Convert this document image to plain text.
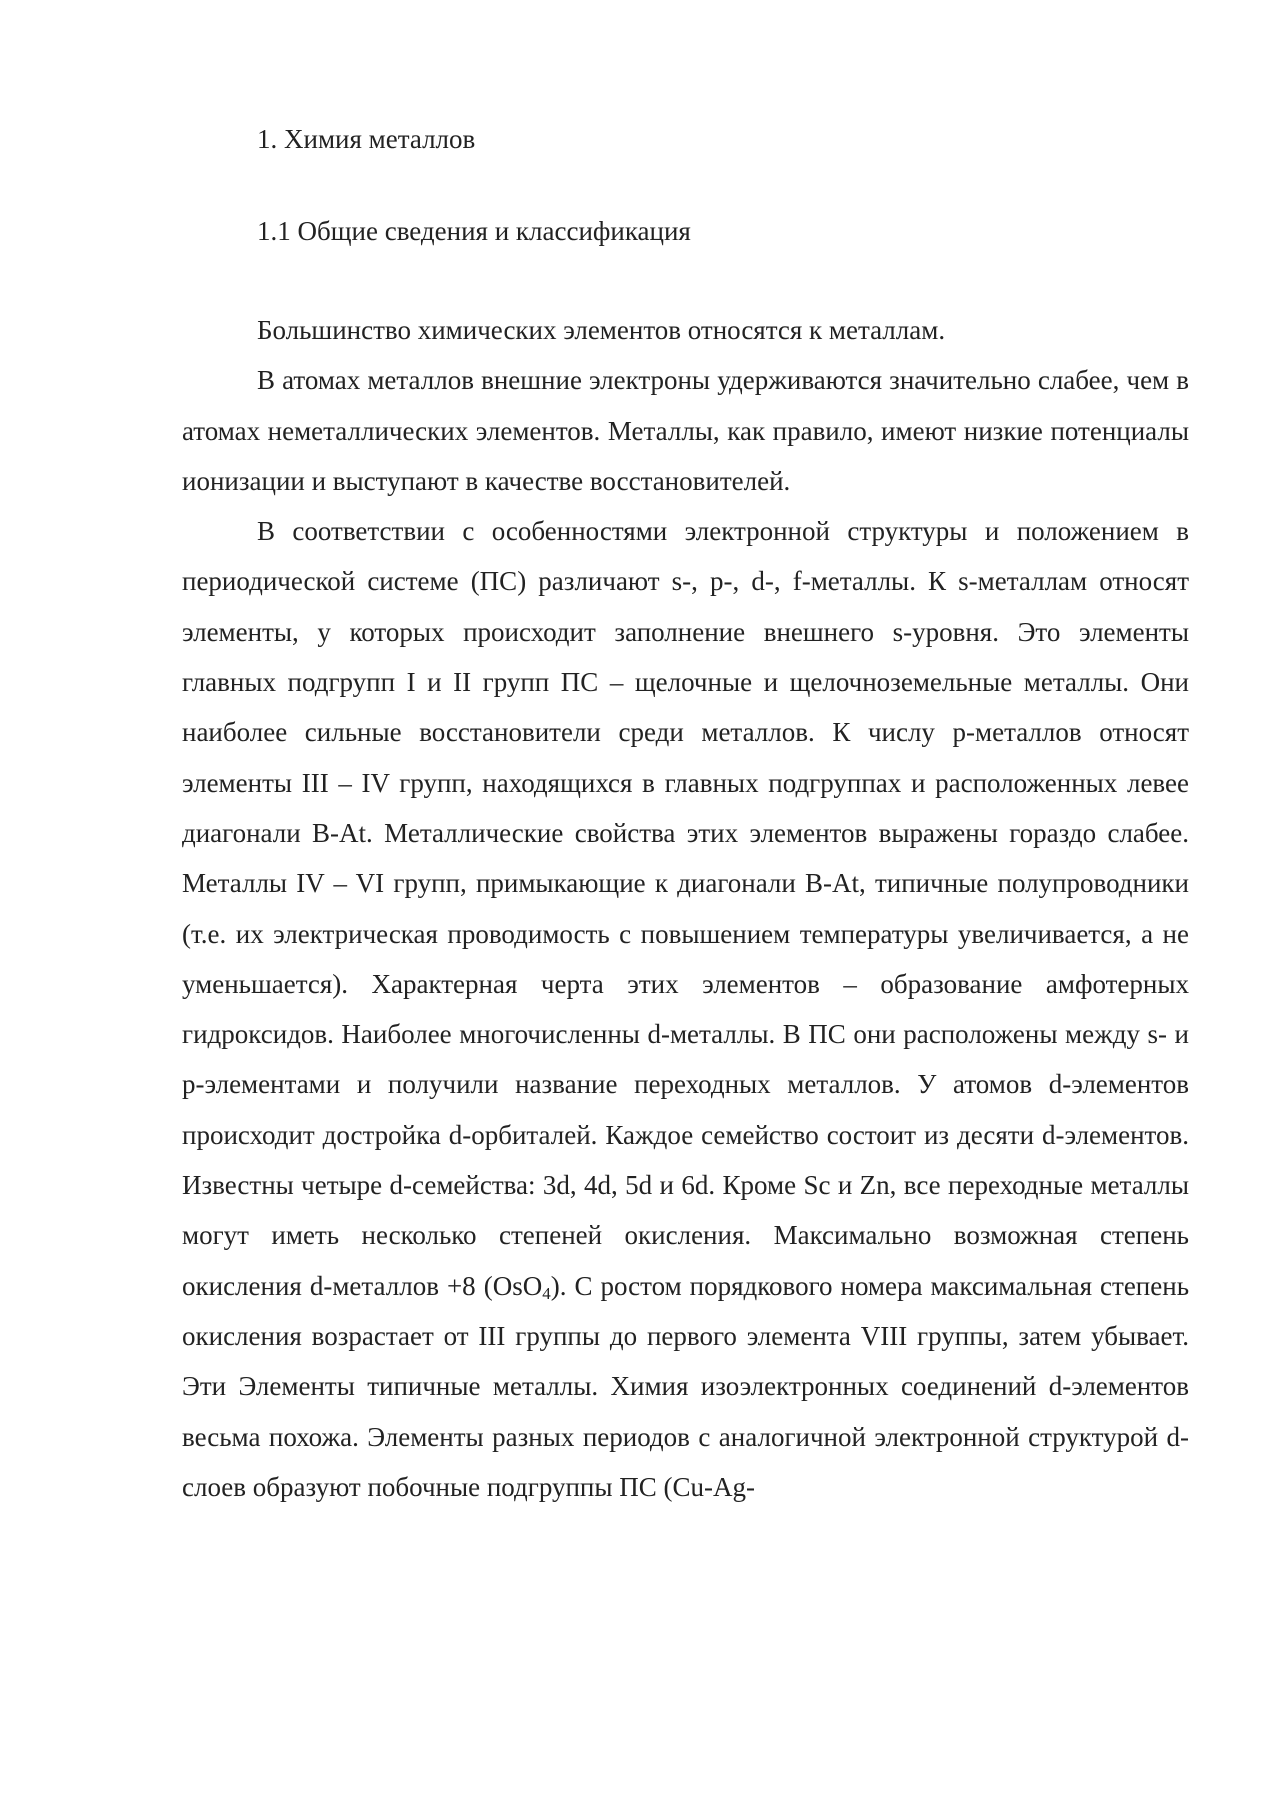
1. Химия металлов
1.1 Общие сведения и классификация

Большинство химических элементов относятся к металлам.

В атомах металлов внешние электроны удерживаются значительно слабее, чем в атомах неметаллических элементов. Металлы, как правило, имеют низкие потенциалы ионизации и выступают в качестве восстановителей.

В соответствии с особенностями электронной структуры и положением в периодической системе (ПС) различают s-, p-, d-, f-металлы. К s-металлам относят элементы, у которых происходит заполнение внешнего s-уровня. Это элементы главных подгрупп I и II групп ПС – щелочные и щелочноземельные металлы. Они наиболее сильные восстановители среди металлов. К числу p-металлов относят элементы III – IV групп, находящихся в главных подгруппах и расположенных левее диагонали B-At. Металлические свойства этих элементов выражены гораздо слабее. Металлы IV – VI групп, примыкающие к диагонали B-At, типичные полупроводники (т.е. их электрическая проводимость с повышением температуры увеличивается, а не уменьшается). Характерная черта этих элементов – образование амфотерных гидроксидов. Наиболее многочисленны d-металлы. В ПС они расположены между s- и p-элементами и получили название переходных металлов. У атомов d-элементов происходит достройка d-орбиталей. Каждое семейство состоит из десяти d-элементов. Известны четыре d-семейства: 3d, 4d, 5d и 6d. Кроме Sc и Zn, все переходные металлы могут иметь несколько степеней окисления. Максимально возможная степень окисления d-металлов +8 (OsO$_4$). С ростом порядкового номера максимальная степень окисления возрастает от III группы до первого элемента VIII группы, затем убывает. Эти Элементы типичные металлы. Химия изоэлектронных соединений d-элементов весьма похожа. Элементы разных периодов с аналогичной электронной структурой d-слоев образуют побочные подгруппы ПС (Cu-Ag-
